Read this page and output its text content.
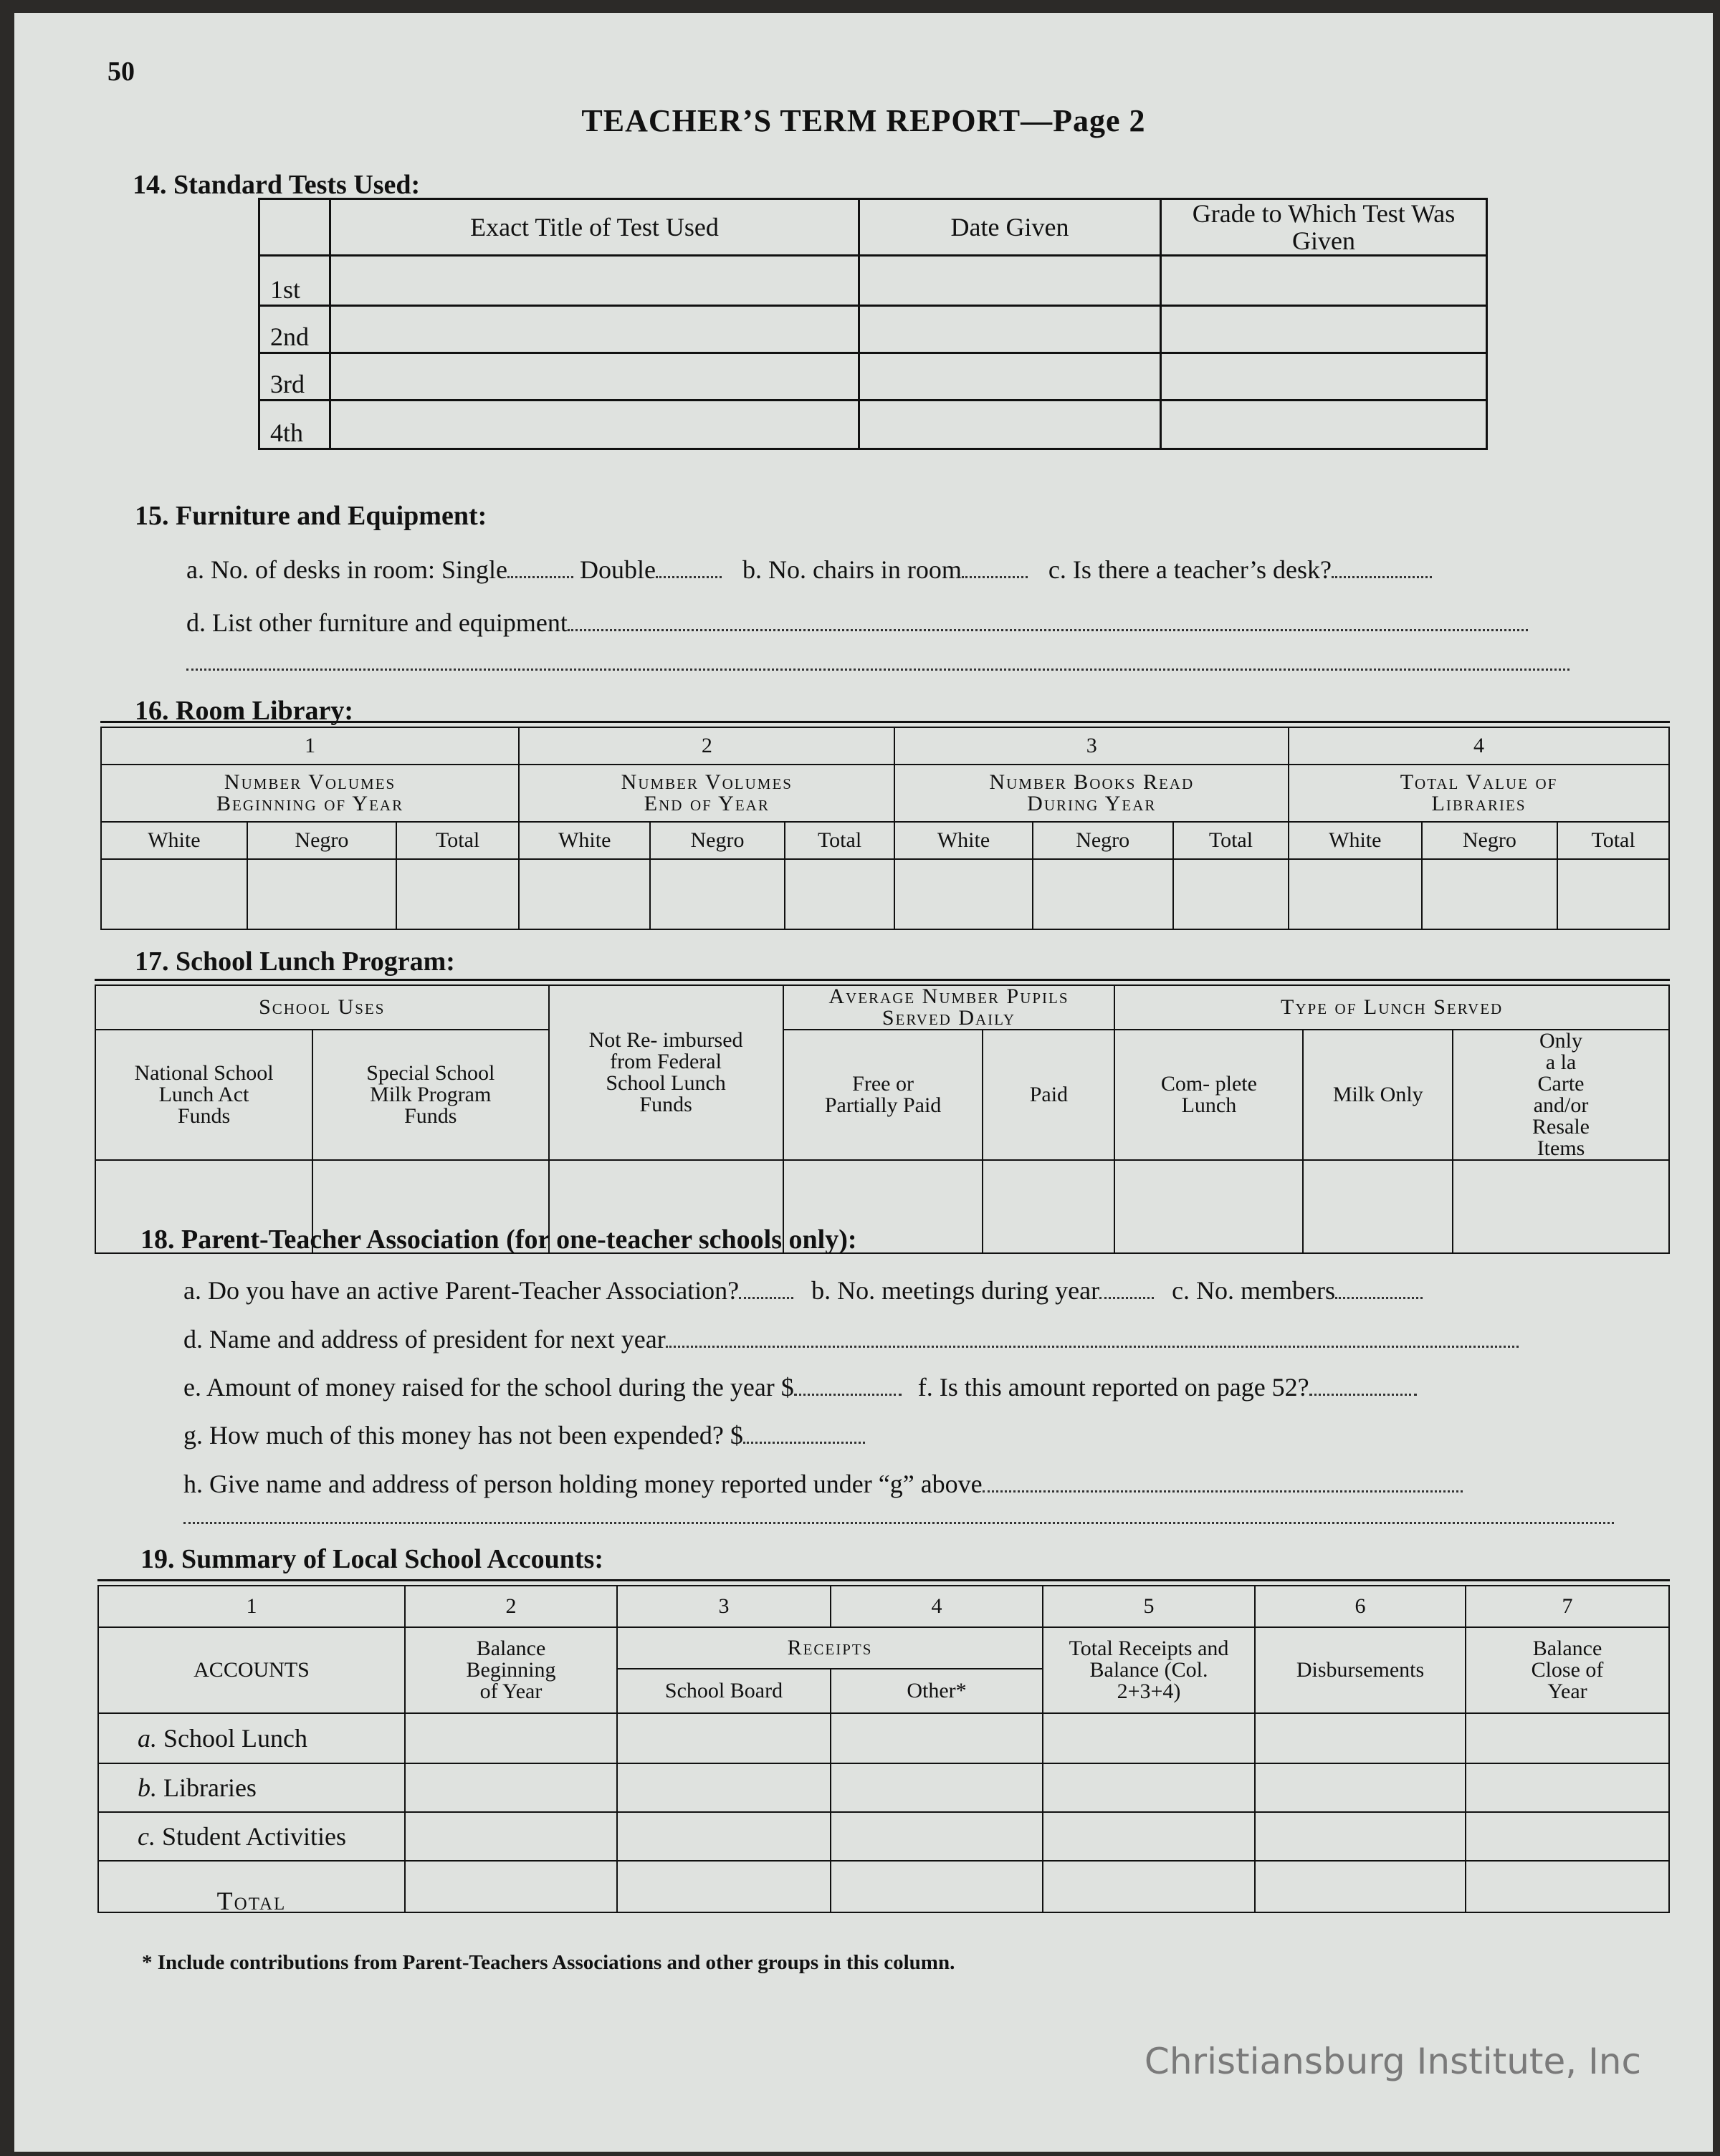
50
TEACHER’S TERM REPORT—Page 2
14. Standard Tests Used:
	Exact Title of Test Used	Date Given	Grade to Which Test Was Given
1st			
2nd			
3rd			
4th			
15. Furniture and Equipment:
a. No. of desks in room: Single	Double	b. No. chairs in room	c. Is there a teacher’s desk?
d. List other furniture and equipment
16. Room Library:
1			2			3			4		
Number Volumes Beginning of Year			Number Volumes End of Year			Number Books Read During Year			Total Value of Libraries		
White	Negro	Total	White	Negro	Total	White	Negro	Total	White	Negro	Total

17. School Lunch Program:
School Uses		Not Re- imbursed from Federal School Lunch Funds	Average Number Pupils Served Daily		Type of Lunch Served		
National School Lunch Act Funds	Special School Milk Program Funds		Free or Partially Paid	Paid	Com- plete Lunch	Milk Only	Only a la Carte and/or Resale Items

18. Parent-Teacher Association (for one-teacher schools only):
a. Do you have an active Parent-Teacher Association?	b. No. meetings during year	c. No. members
d. Name and address of president for next year
e. Amount of money raised for the school during the year $	f. Is this amount reported on page 52?
g. How much of this money has not been expended? $
h. Give name and address of person holding money reported under “g” above
19. Summary of Local School Accounts:
1	2	3	4	5	6	7
ACCOUNTS	Balance Beginning of Year	Receipts		Total Receipts and Balance (Col. 2+3+4)	Disbursements	Balance Close of Year
		School Board	Other*			
a. School Lunch						
b. Libraries						
c. Student Activities						
Total						
* Include contributions from Parent-Teachers Associations and other groups in this column.
Christiansburg Institute, Inc
